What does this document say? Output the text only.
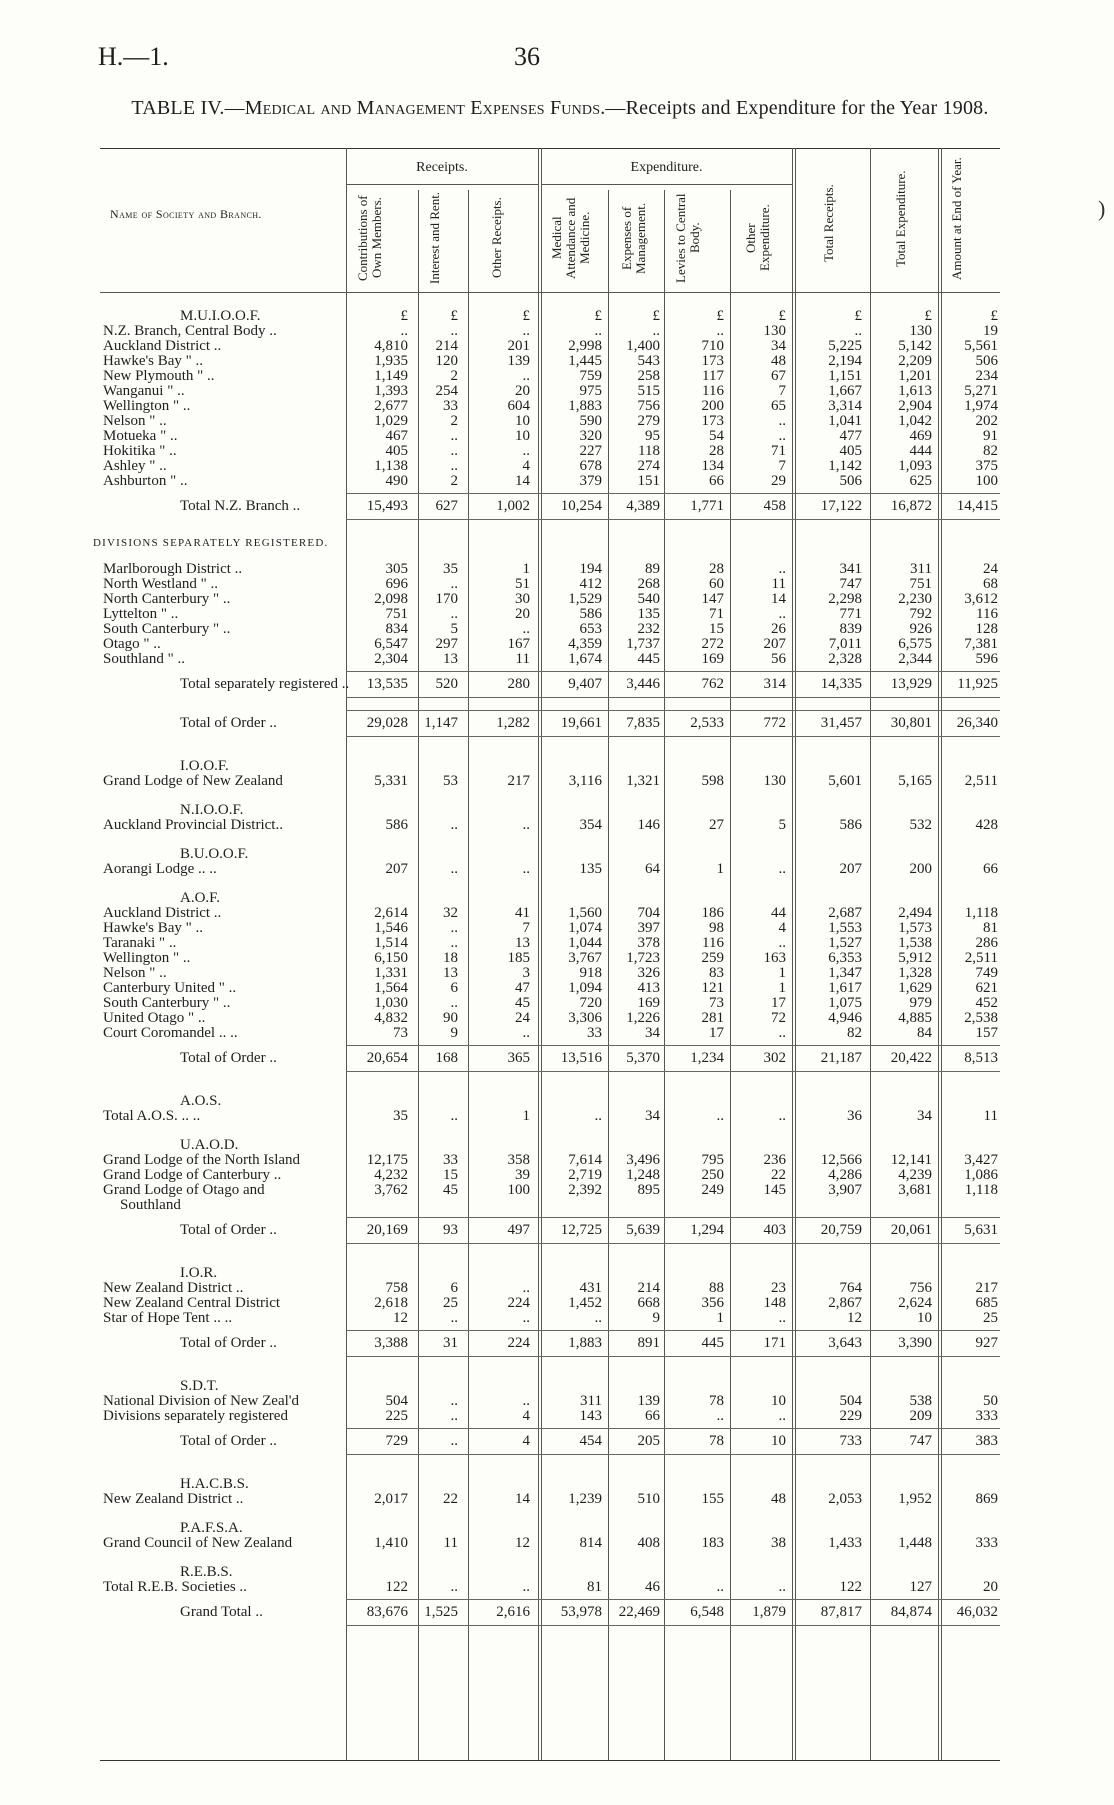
H.—1.	36
TABLE IV.—Medical and Management Expenses Funds.—Receipts and Expenditure for the Year 1908.
Receipts.	Expenditure.
Name of Society and Branch.	Contributions of Own Members.	Interest and Rent.	Other Receipts.	Medical Attendance and Medicine.	Expenses of Management.	Levies to Central Body.	Other Expenditure.	Total Receipts.	Total Expenditure.	Amount at End of Year.
M.U.I.O.O.F.	£	£	£	£	£	£	£	£	£	£
N.Z. Branch, Central Body ..	..	..	..	..	..	..	130	..	130	19
Auckland District ..	4,810	214	201	2,998	1,400	710	34	5,225	5,142	5,561
Hawke's Bay " ..	1,935	120	139	1,445	543	173	48	2,194	2,209	506
New Plymouth " ..	1,149	2	..	759	258	117	67	1,151	1,201	234
Wanganui " ..	1,393	254	20	975	515	116	7	1,667	1,613	5,271
Wellington " ..	2,677	33	604	1,883	756	200	65	3,314	2,904	1,974
Nelson " ..	1,029	2	10	590	279	173	..	1,041	1,042	202
Motueka " ..	467	..	10	320	95	54	..	477	469	91
Hokitika " ..	405	..	..	227	118	28	71	405	444	82
Ashley " ..	1,138	..	4	678	274	134	7	1,142	1,093	375
Ashburton " ..	490	2	14	379	151	66	29	506	625	100
Total N.Z. Branch ..	15,493	627	1,002	10,254	4,389	1,771	458	17,122	16,872	14,415
DIVISIONS SEPARATELY REGISTERED.
Marlborough District ..	305	35	1	194	89	28	..	341	311	24
North Westland " ..	696	..	51	412	268	60	11	747	751	68
North Canterbury " ..	2,098	170	30	1,529	540	147	14	2,298	2,230	3,612
Lyttelton " ..	751	..	20	586	135	71	..	771	792	116
South Canterbury " ..	834	5	..	653	232	15	26	839	926	128
Otago " ..	6,547	297	167	4,359	1,737	272	207	7,011	6,575	7,381
Southland " ..	2,304	13	11	1,674	445	169	56	2,328	2,344	596
Total separately registered ..	13,535	520	280	9,407	3,446	762	314	14,335	13,929	11,925
Total of Order ..	29,028	1,147	1,282	19,661	7,835	2,533	772	31,457	30,801	26,340
I.O.O.F.
Grand Lodge of New Zealand	5,331	53	217	3,116	1,321	598	130	5,601	5,165	2,511
N.I.O.O.F.
Auckland Provincial District..	586	..	..	354	146	27	5	586	532	428
B.U.O.O.F.
Aorangi Lodge .. ..	207	..	..	135	64	1	..	207	200	66
A.O.F.
Auckland District ..	2,614	32	41	1,560	704	186	44	2,687	2,494	1,118
Hawke's Bay " ..	1,546	..	7	1,074	397	98	4	1,553	1,573	81
Taranaki " ..	1,514	..	13	1,044	378	116	..	1,527	1,538	286
Wellington " ..	6,150	18	185	3,767	1,723	259	163	6,353	5,912	2,511
Nelson " ..	1,331	13	3	918	326	83	1	1,347	1,328	749
Canterbury United " ..	1,564	6	47	1,094	413	121	1	1,617	1,629	621
South Canterbury " ..	1,030	..	45	720	169	73	17	1,075	979	452
United Otago " ..	4,832	90	24	3,306	1,226	281	72	4,946	4,885	2,538
Court Coromandel .. ..	73	9	..	33	34	17	..	82	84	157
Total of Order ..	20,654	168	365	13,516	5,370	1,234	302	21,187	20,422	8,513
A.O.S.
Total A.O.S. .. ..	35	..	1	..	34	..	..	36	34	11
U.A.O.D.
Grand Lodge of the North Island	12,175	33	358	7,614	3,496	795	236	12,566	12,141	3,427
Grand Lodge of Canterbury ..	4,232	15	39	2,719	1,248	250	22	4,286	4,239	1,086
Grand Lodge of Otago and	3,762	45	100	2,392	895	249	145	3,907	3,681	1,118
Southland
Total of Order ..	20,169	93	497	12,725	5,639	1,294	403	20,759	20,061	5,631
I.O.R.
New Zealand District ..	758	6	..	431	214	88	23	764	756	217
New Zealand Central District	2,618	25	224	1,452	668	356	148	2,867	2,624	685
Star of Hope Tent .. ..	12	..	..	..	9	1	..	12	10	25
Total of Order ..	3,388	31	224	1,883	891	445	171	3,643	3,390	927
S.D.T.
National Division of New Zeal'd	504	..	..	311	139	78	10	504	538	50
Divisions separately registered	225	..	4	143	66	..	..	229	209	333
Total of Order ..	729	..	4	454	205	78	10	733	747	383
H.A.C.B.S.
New Zealand District ..	2,017	22	14	1,239	510	155	48	2,053	1,952	869
P.A.F.S.A.
Grand Council of New Zealand	1,410	11	12	814	408	183	38	1,433	1,448	333
R.E.B.S.
Total R.E.B. Societies ..	122	..	..	81	46	..	..	122	127	20
Grand Total ..	83,676	1,525	2,616	53,978	22,469	6,548	1,879	87,817	84,874	46,032
)
